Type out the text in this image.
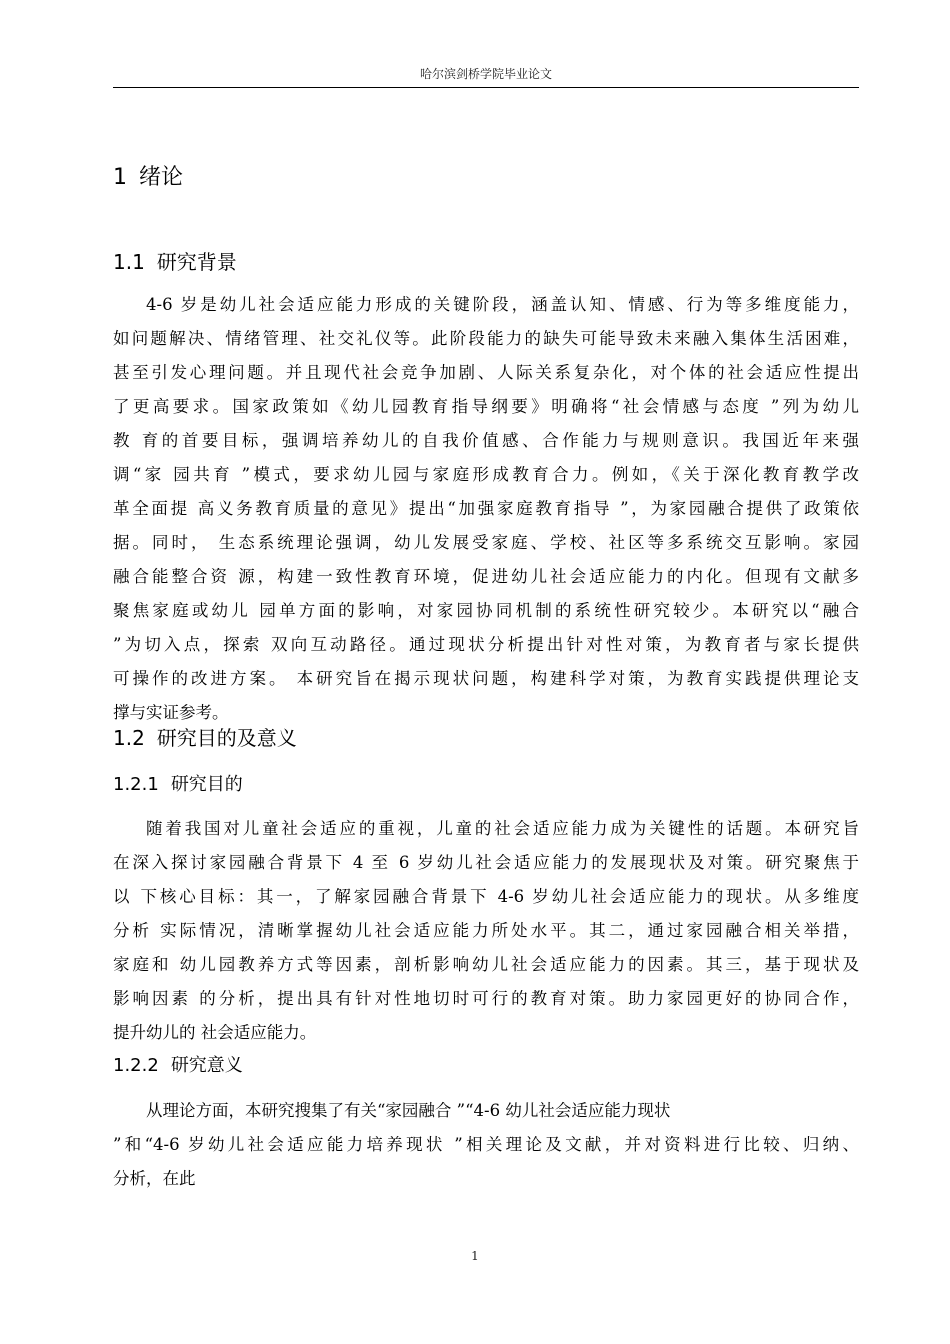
哈尔滨剑桥学院毕业论文
1 绪论
1.1 研究背景
4-6 岁是幼儿社会适应能力形成的关键阶段，涵盖认知、情感、行为等多维度能力，
如问题解决、情绪管理、社交礼仪等。此阶段能力的缺失可能导致未来融入集体生活困难，
甚至引发心理问题。并且现代社会竞争加剧、人际关系复杂化，对个体的社会适应性提出
了更高要求。国家政策如《幼儿园教育指导纲要》明确将“社会情感与态度 ”列为幼儿
教 育的首要目标，强调培养幼儿的自我价值感、合作能力与规则意识。我国近年来强
调“家 园共育 ”模式，要求幼儿园与家庭形成教育合力。例如，《关于深化教育教学改
革全面提 高义务教育质量的意见》提出“加强家庭教育指导 ”，为家园融合提供了政策依
据。同时， 生态系统理论强调，幼儿发展受家庭、学校、社区等多系统交互影响。家园
融合能整合资 源，构建一致性教育环境，促进幼儿社会适应能力的内化。但现有文献多
聚焦家庭或幼儿 园单方面的影响，对家园协同机制的系统性研究较少。本研究以“融合
”为切入点，探索 双向互动路径。通过现状分析提出针对性对策，为教育者与家长提供
可操作的改进方案。 本研究旨在揭示现状问题，构建科学对策，为教育实践提供理论支
撑与实证参考。
1.2 研究目的及意义
1.2.1 研究目的
随着我国对儿童社会适应的重视，儿童的社会适应能力成为关键性的话题。本研究旨
在深入探讨家园融合背景下 4 至 6 岁幼儿社会适应能力的发展现状及对策。研究聚焦于
以 下核心目标：其一，了解家园融合背景下 4-6 岁幼儿社会适应能力的现状。从多维度
分析 实际情况，清晰掌握幼儿社会适应能力所处水平。其二，通过家园融合相关举措，
家庭和 幼儿园教养方式等因素，剖析影响幼儿社会适应能力的因素。其三，基于现状及
影响因素 的分析，提出具有针对性地切时可行的教育对策。助力家园更好的协同合作，
提升幼儿的 社会适应能力。
1.2.2 研究意义
从理论方面，本研究搜集了有关“家园融合 ”“4-6 幼儿社会适应能力现状
”和“4-6 岁幼儿社会适应能力培养现状 ”相关理论及文献，并对资料进行比较、归纳、
分析，在此
1
